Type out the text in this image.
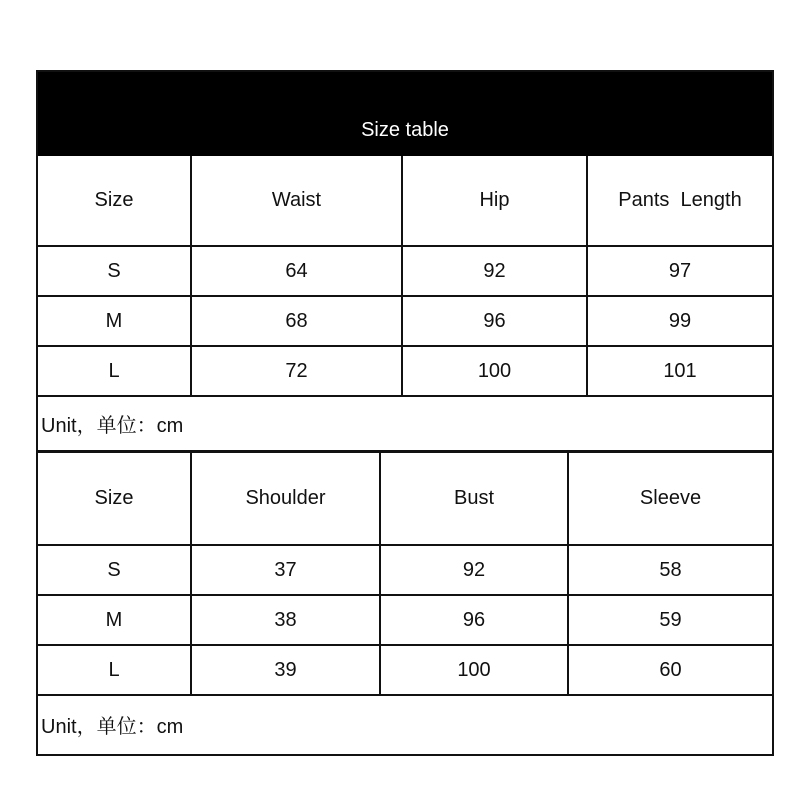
Size table
Size	Waist	Hip	Pants  Length
S	64	92	97
M	68	96	99
L	72	100	101
Unit，单位：cm
Size	Shoulder	Bust	Sleeve
S	37	92	58
M	38	96	59
L	39	100	60
Unit，单位：cm
